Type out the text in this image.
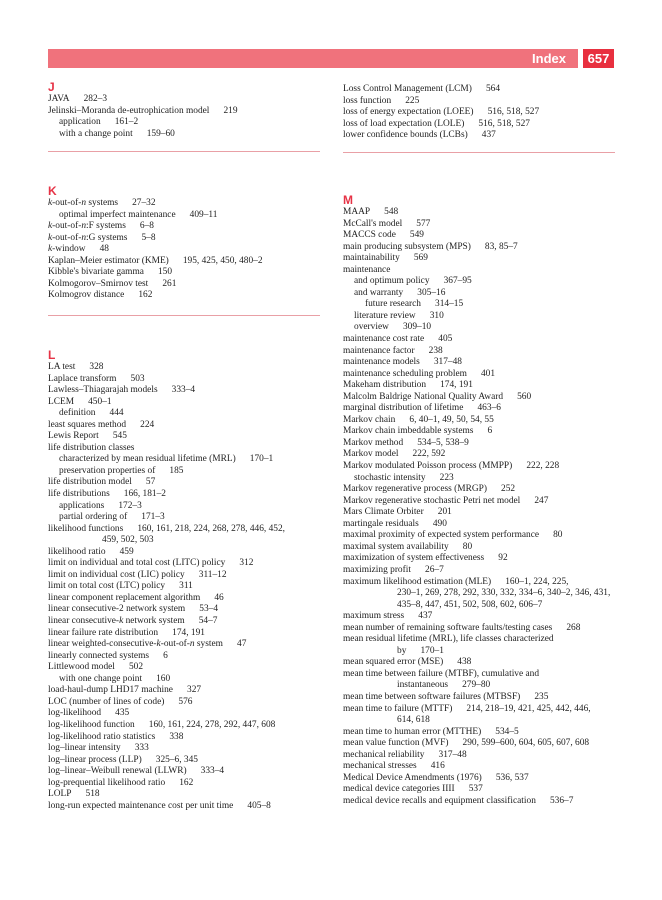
Index	657

J

JAVA  282–3

Jelinski–Moranda de-eutrophication model  219

application  161–2

with a change point  159–60

K

k-out-of-n systems  27–32

optimal imperfect maintenance  409–11

k-out-of-n:F systems  6–8

k-out-of-n:G systems  5–8

k-window  48

Kaplan–Meier estimator (KME)  195, 425, 450, 480–2

Kibble's bivariate gamma  150

Kolmogorov–Smirnov test  261

Kolmogrov distance  162

L

LA test  328

Laplace transform  503

Lawless–Thiagarajah models  333–4

LCEM  450–1

definition  444

least squares method  224

Lewis Report  545

life distribution classes

characterized by mean residual lifetime (MRL)  170–1

preservation properties of  185

life distribution model  57

life distributions  166, 181–2

applications  172–3

partial ordering of  171–3

likelihood functions  160, 161, 218, 224, 268, 278, 446, 452,

459, 502, 503

likelihood ratio  459

limit on individual and total cost (LITC) policy  312

limit on individual cost (LIC) policy  311–12

limit on total cost (LTC) policy  311

linear component replacement algorithm  46

linear consecutive-2 network system  53–4

linear consecutive-k network system  54–7

linear failure rate distribution  174, 191

linear weighted-consecutive-k-out-of-n system  47

linearly connected systems  6

Littlewood model  502

with one change point  160

load-haul-dump LHD17 machine  327

LOC (number of lines of code)  576

log-likelihood  435

log-likelihood function  160, 161, 224, 278, 292, 447, 608

log-likelihood ratio statistics  338

log–linear intensity  333

log–linear process (LLP)  325–6, 345

log–linear–Weibull renewal (LLWR)  333–4

log-prequential likelihood ratio  162

LOLP  518

long-run expected maintenance cost per unit time  405–8

Loss Control Management (LCM)  564

loss function  225

loss of energy expectation (LOEE)  516, 518, 527

loss of load expectation (LOLE)  516, 518, 527

lower confidence bounds (LCBs)  437

M

MAAP  548

McCall's model  577

MACCS code  549

main producing subsystem (MPS)  83, 85–7

maintainability  569

maintenance

and optimum policy  367–95

and warranty  305–16

future research  314–15

literature review  310

overview  309–10

maintenance cost rate  405

maintenance factor  238

maintenance models  317–48

maintenance scheduling problem  401

Makeham distribution  174, 191

Malcolm Baldrige National Quality Award  560

marginal distribution of lifetime  463–6

Markov chain  6, 40–1, 49, 50, 54, 55

Markov chain imbeddable systems  6

Markov method  534–5, 538–9

Markov model  222, 592

Markov modulated Poisson process (MMPP)  222, 228

stochastic intensity  223

Markov regenerative process (MRGP)  252

Markov regenerative stochastic Petri net model  247

Mars Climate Orbiter  201

martingale residuals  490

maximal proximity of expected system performance  80

maximal system availability  80

maximization of system effectiveness  92

maximizing profit  26–7

maximum likelihood estimation (MLE)  160–1, 224, 225,

230–1, 269, 278, 292, 330, 332, 334–6, 340–2, 346, 431,

435–8, 447, 451, 502, 508, 602, 606–7

maximum stress  437

mean number of remaining software faults/testing cases  268

mean residual lifetime (MRL), life classes characterized

by  170–1

mean squared error (MSE)  438

mean time between failure (MTBF), cumulative and

instantaneous  279–80

mean time between software failures (MTBSF)  235

mean time to failure (MTTF)  214, 218–19, 421, 425, 442, 446,

614, 618

mean time to human error (MTTHE)  534–5

mean value function (MVF)  290, 599–600, 604, 605, 607, 608

mechanical reliability  317–48

mechanical stresses  416

Medical Device Amendments (1976)  536, 537

medical device categories IIII  537

medical device recalls and equipment classification  536–7
